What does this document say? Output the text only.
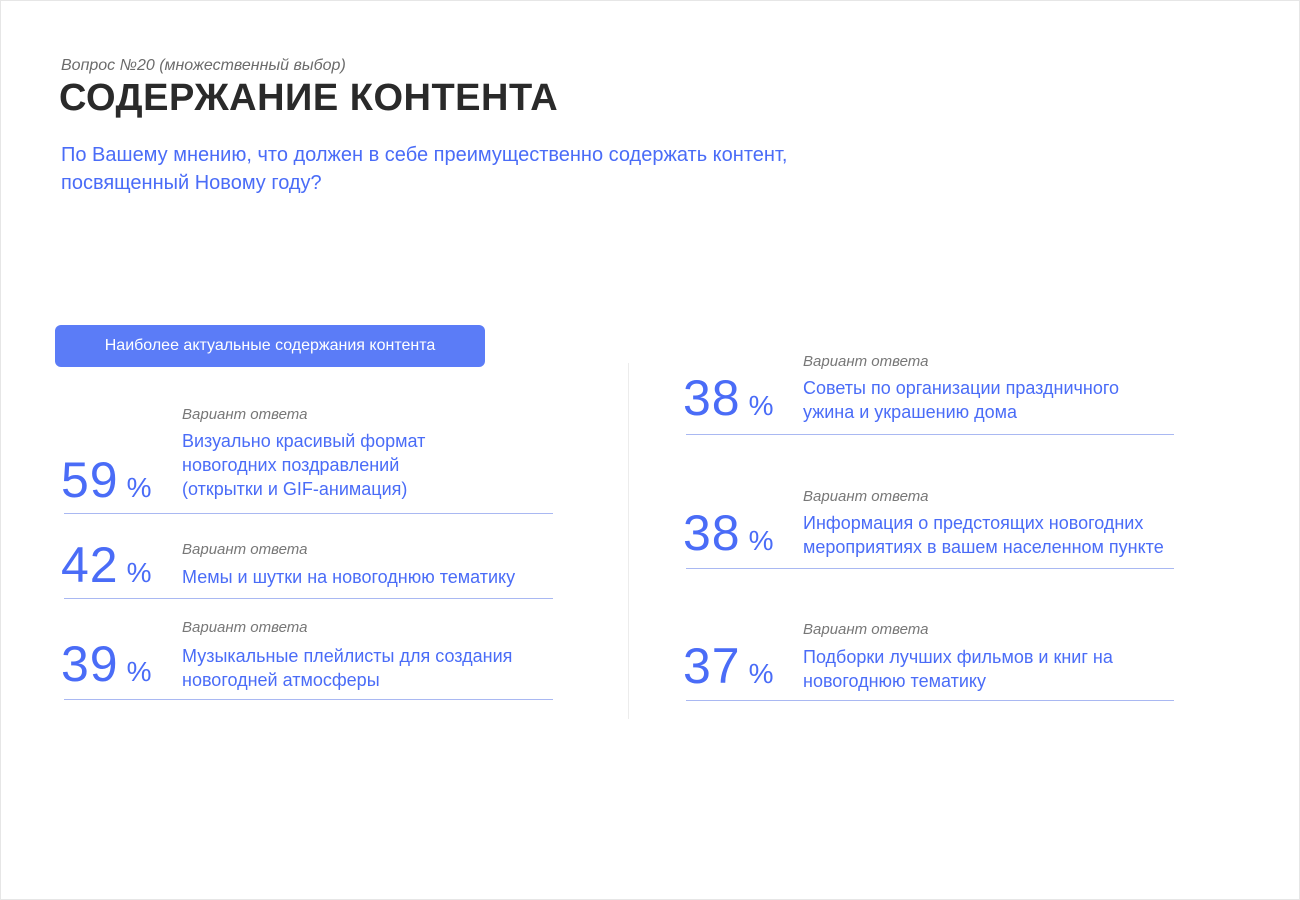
Вопрос №20 (множественный выбор)
СОДЕРЖАНИЕ КОНТЕНТА
По Вашему мнению, что должен в себе преимущественно содержать контент, посвященный Новому году?
Наиболее актуальные содержания контента
Вариант ответа
59 %
Визуально красивый формат новогодних поздравлений (открытки и GIF-анимация)
Вариант ответа
42 % Мемы и шутки на новогоднюю тематику
Вариант ответа
39 % Музыкальные плейлисты для создания новогодней атмосферы
Вариант ответа
38 %
Советы по организации праздничного ужина и украшению дома
Вариант ответа
38 %
Информация о предстоящих новогодних мероприятиях в вашем населенном пункте
Вариант ответа
37 %
Подборки лучших фильмов и книг на новогоднюю тематику
